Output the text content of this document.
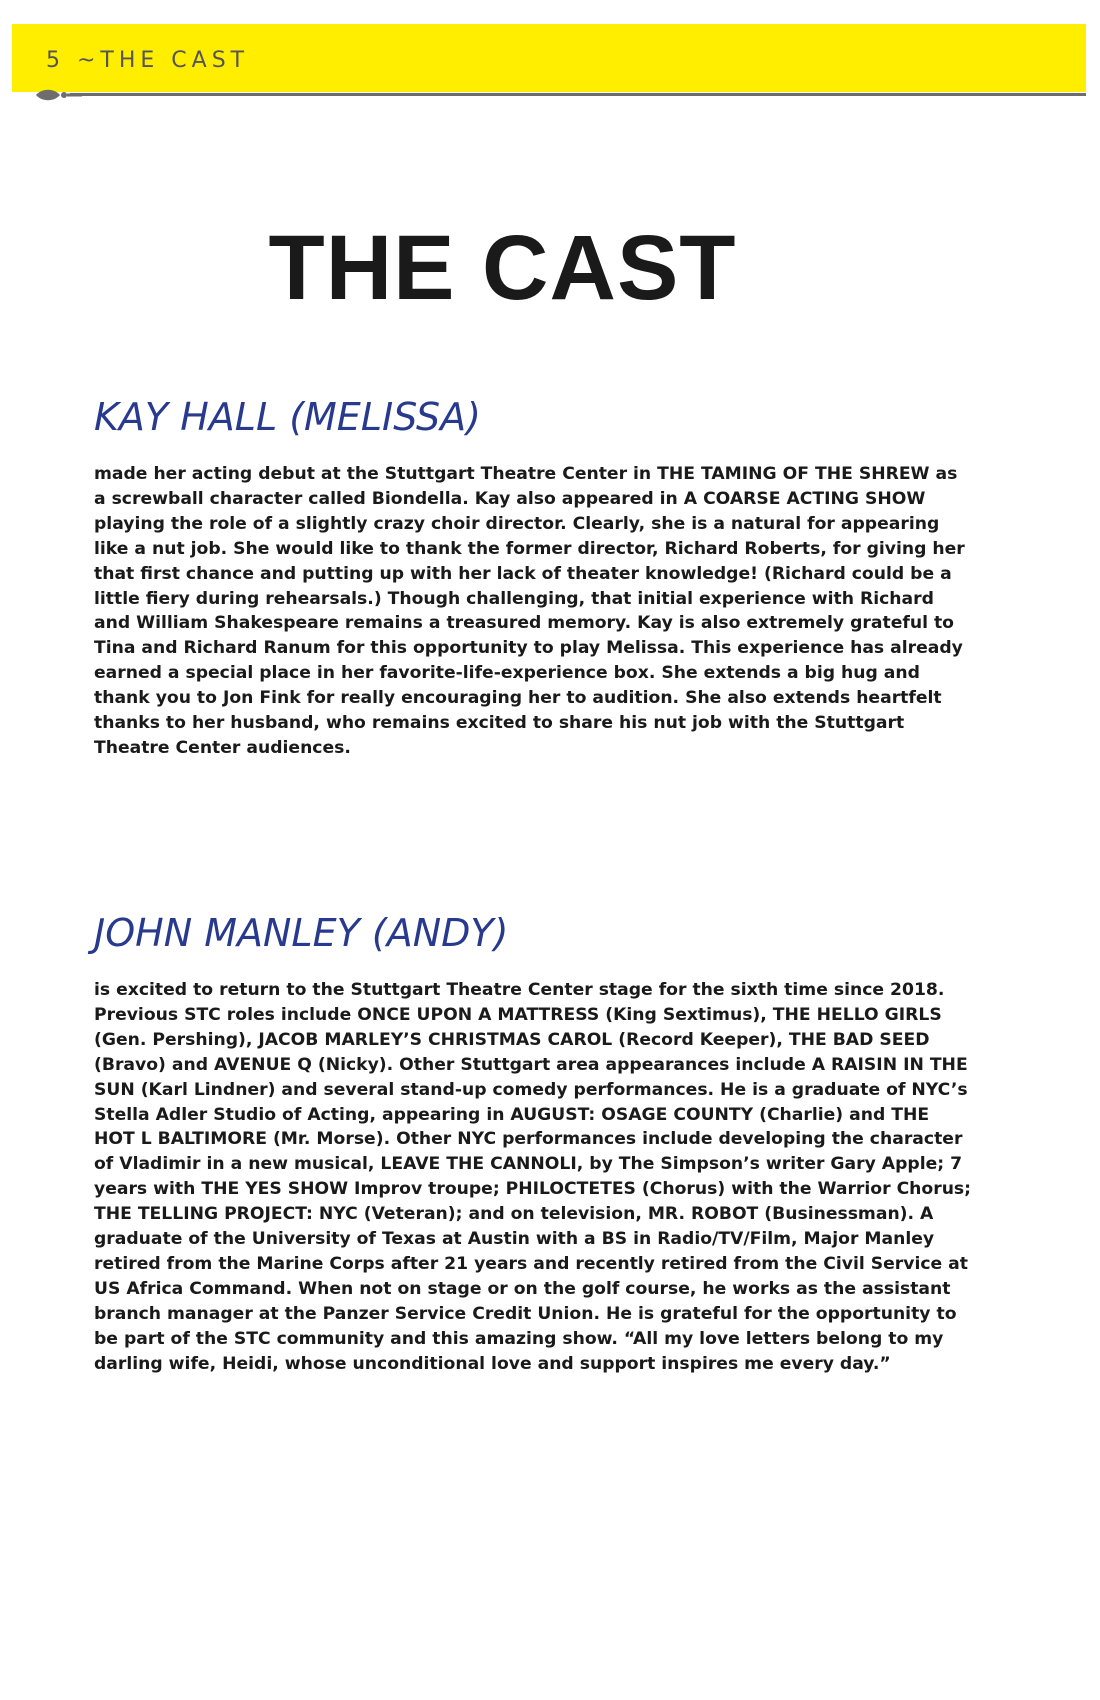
5 ~THE CAST
THE CAST
KAY HALL (MELISSA)

made her acting debut at the Stuttgart Theatre Center in THE TAMING OF THE SHREW as a screwball character called Biondella. Kay also appeared in A COARSE ACTING SHOW playing the role of a slightly crazy choir director. Clearly, she is a natural for appearing like a nut job. She would like to thank the former director, Richard Roberts, for giving her that first chance and putting up with her lack of theater knowledge! (Richard could be a little fiery during rehearsals.) Though challenging, that initial experience with Richard and William Shakespeare remains a treasured memory. Kay is also extremely grateful to Tina and Richard Ranum for this opportunity to play Melissa. This experience has already earned a special place in her favorite-life-experience box. She extends a big hug and thank you to Jon Fink for really encouraging her to audition. She also extends heartfelt thanks to her husband, who remains excited to share his nut job with the Stuttgart Theatre Center audiences.

JOHN MANLEY (ANDY)

is excited to return to the Stuttgart Theatre Center stage for the sixth time since 2018. Previous STC roles include ONCE UPON A MATTRESS (King Sextimus), THE HELLO GIRLS (Gen. Pershing), JACOB MARLEY’S CHRISTMAS CAROL (Record Keeper), THE BAD SEED (Bravo) and AVENUE Q (Nicky). Other Stuttgart area appearances include A RAISIN IN THE SUN (Karl Lindner) and several stand-up comedy performances. He is a graduate of NYC’s Stella Adler Studio of Acting, appearing in AUGUST: OSAGE COUNTY (Charlie) and THE HOT L BALTIMORE (Mr. Morse). Other NYC performances include developing the character of Vladimir in a new musical, LEAVE THE CANNOLI, by The Simpson’s writer Gary Apple; 7 years with THE YES SHOW Improv troupe; PHILOCTETES (Chorus) with the Warrior Chorus; THE TELLING PROJECT: NYC (Veteran); and on television, MR. ROBOT (Businessman). A graduate of the University of Texas at Austin with a BS in Radio/TV/Film, Major Manley retired from the Marine Corps after 21 years and recently retired from the Civil Service at US Africa Command. When not on stage or on the golf course, he works as the assistant branch manager at the Panzer Service Credit Union. He is grateful for the opportunity to be part of the STC community and this amazing show. “All my love letters belong to my darling wife, Heidi, whose unconditional love and support inspires me every day.”
